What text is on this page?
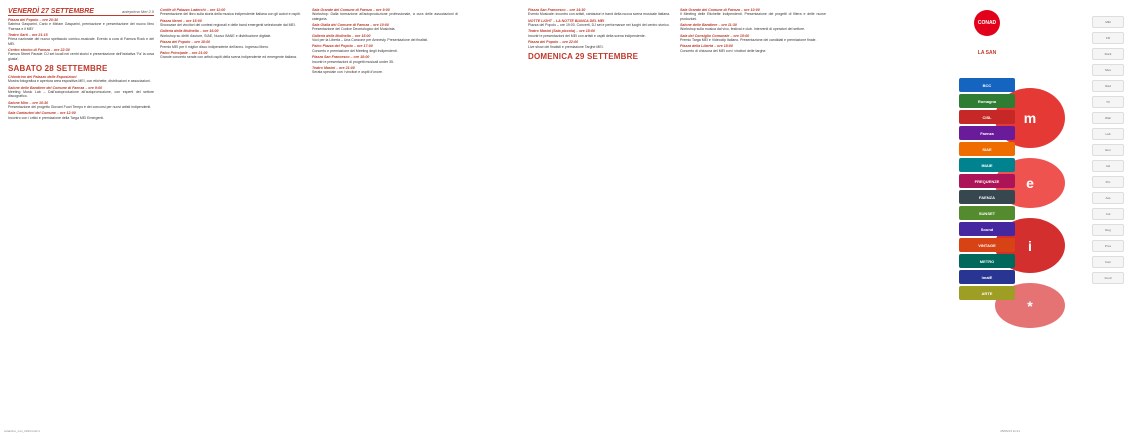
volantino_mei_2013.indd 1	25/09/13 11:21
VENERDÌ 27 SETTEMBRE	anteprima Mei 2.0
Piazza del Popolo – ore 20:30
Sabrina Gasparini, Carlo e Miriam Gasparini, premiazione e presentazione del nuovo libro 'Faenza e il MEI'
Teatro Sarti – ore 21:15
Prima nazionale del nuovo spettacolo comico-musicale. Evento a cura di Faenza Rock e del MEI.
Centro storico di Faenza – ore 22:30
Faenza Street Parade: DJ set locali nei centri storici e presentazione dell'iniziativa 'Fa' la cosa giusta'.
SABATO 28 SETTEMBRE
Chiostrino del Palazzo delle Esposizioni
Mostra fotografica e apertura area espositiva MEI, con etichette, distribuzioni e associazioni.
Salone delle Bandiere del Comune di Faenza – ore 9:00
Meeting Music Lab – Dall'autoproduzione all'autopromozione, con esperti del settore discografico.
Salone Miro – ore 10:30
Presentazione del progetto Giovani Fuori Tempo e dei concorsi per nuovi artisti indipendenti.
Sala Cantautori del Comune – ore 12:00
Incontro con i critici e premiazione della Targa MEI Emergenti.
Cortile di Palazzo Laderchi – ore 11:00
Presentazione del libro sulla storia della musica indipendente italiana con gli autori e ospiti.
Piazza Nenni – ore 15:00
Showcase dei vincitori dei contest regionali e delle band emergenti selezionate dal MEI.
Galleria della Molinella – ore 16:00
Workshop su diritti d'autore, SIAE, Nuovo IMAIE e distribuzione digitale.
Piazza del Popolo – ore 18:00
Premio MEI per il miglior disco indipendente dell'anno. Ingresso libero.
Palco Principale – ore 21:00
Grande concerto serale con artisti ospiti della scena indipendente ed emergente italiana.
Sala Grande del Comune di Faenza – ore 9:00
Workshop: Dalla formazione all'autoproduzione professionale, a cura delle associazioni di categoria.
Sala Gialla del Comune di Faenza – ore 10:00
Presentazione del Codice Deontologico del Musicista.
Galleria della Molinella – ore 15:00
Voci per la Libertà – Una Canzone per Amnesty. Presentazione dei finalisti.
Palco Piazza del Popolo – ore 17:00
Concerto e premiazione del Meeting degli Indipendenti.
Piazza San Francesco – ore 18:00
Incontri e presentazioni di progetti musicali under 35.
Teatro Masini – ore 21:00
Serata speciale con i vincitori e ospiti d'onore.
Piazza San Francesco – ore 14:30
Evento Musicale: incontro con artisti, cantautori e band della nuova scena musicale italiana.
NOTTE LIGHT – LA NOTTE BIANCA DEL MEI
Piazza del Popolo – ore 19:00. Concerti, DJ set e performance nei luoghi del centro storico.
Teatro Masini (Sala piccola) – ore 18:00
Incontri e presentazioni del MEI con artisti e ospiti della scena indipendente.
Piazza del Popolo – ore 22:00
Live show dei finalisti e premiazione Targhe MEI.
DOMENICA 29 SETTEMBRE
Sala Grande del Comune di Faenza – ore 10:00
Il Meeting delle Etichette Indipendenti. Presentazione dei progetti di filiera e delle nuove produzioni.
Salone delle Bandiere – ore 11:30
Workshop sulla musica dal vivo, festival e club. Interventi di operatori del settore.
Sala del Consiglio Comunale – ore 15:00
Premio Targa MEI e Videoclip Italiano. Presentazione dei candidati e premiazione finale.
Piazza della Libertà – ore 18:00
Concerto di chiusura del MEI con i vincitori delle targhe.
MEI
FR
Rock
Mus
Rad
TV
Web
Lab
Emi
Ind
Pro
Ass
Cul
Reg
Prov
Com
Fond
m
e
i
*
CONAD
LA SAN
BCC
Romagna
CISL
Faenza
SIAE
IMAIE
FREQUENZE
FAENZA
SUNSET
Sound
VINTAGE
METRO
ImaiE
ARTE
